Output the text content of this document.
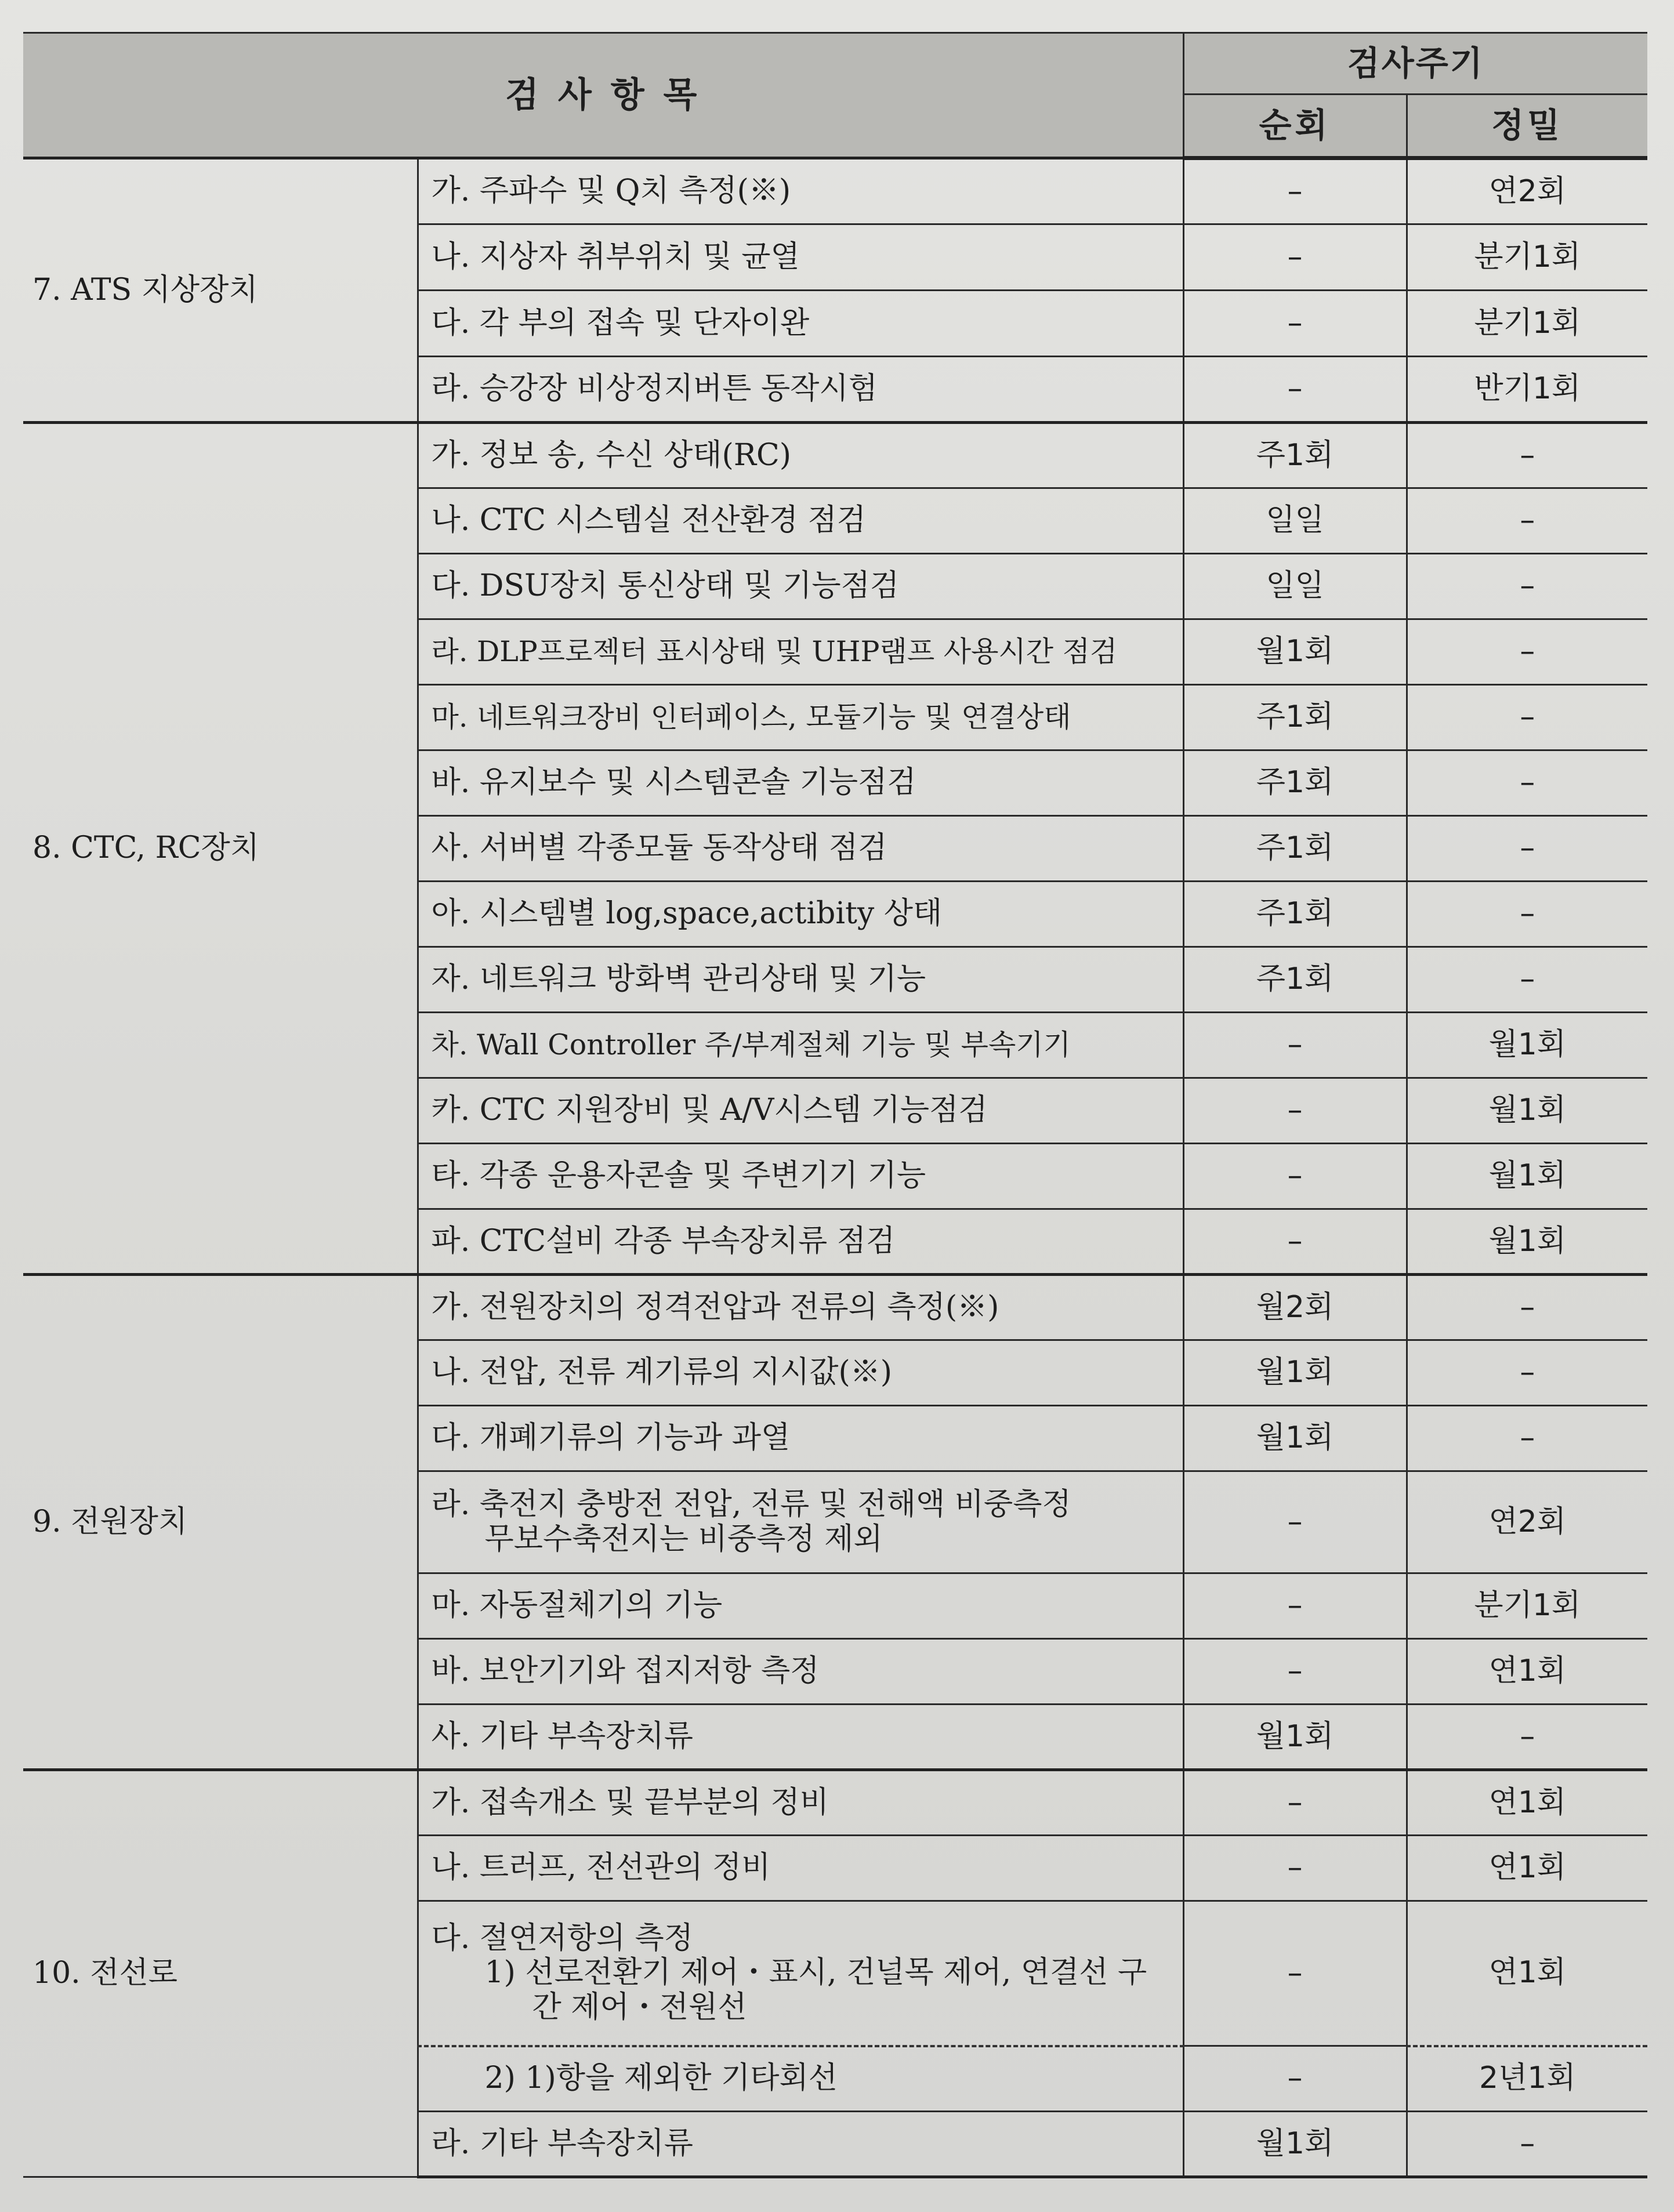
검 사 항 목		검사주기	
		순회	정밀
7. ATS 지상장치	가. 주파수 및 Q치 측정(※)	–	연2회
	나. 지상자 취부위치 및 균열	–	분기1회
	다. 각 부의 접속 및 단자이완	–	분기1회
	라. 승강장 비상정지버튼 동작시험	–	반기1회
8. CTC, RC장치	가. 정보 송, 수신 상태(RC)	주1회	–
	나. CTC 시스템실 전산환경 점검	일일	–
	다. DSU장치 통신상태 및 기능점검	일일	–
	라. DLP프로젝터 표시상태 및 UHP램프 사용시간 점검	월1회	–
	마. 네트워크장비 인터페이스, 모듈기능 및 연결상태	주1회	–
	바. 유지보수 및 시스템콘솔 기능점검	주1회	–
	사. 서버별 각종모듈 동작상태 점검	주1회	–
	아. 시스템별 log,space,actibity 상태	주1회	–
	자. 네트워크 방화벽 관리상태 및 기능	주1회	–
	차. Wall Controller 주/부계절체 기능 및 부속기기	–	월1회
	카. CTC 지원장비 및 A/V시스템 기능점검	–	월1회
	타. 각종 운용자콘솔 및 주변기기 기능	–	월1회
	파. CTC설비 각종 부속장치류 점검	–	월1회
9. 전원장치	가. 전원장치의 정격전압과 전류의 측정(※)	월2회	–
	나. 전압, 전류 계기류의 지시값(※)	월1회	–
	다. 개폐기류의 기능과 과열	월1회	–

	라. 축전지 충방전 전압, 전류 및 전해액 비중측정
무보수축전지는 비중측정 제외	–	연2회
	마. 자동절체기의 기능	–	분기1회
	바. 보안기기와 접지저항 측정	–	연1회
	사. 기타 부속장치류	월1회	–
10. 전선로	가. 접속개소 및 끝부분의 정비	–	연1회
	나. 트러프, 전선관의 정비	–	연1회

	다. 절연저항의 측정
1) 선로전환기 제어・표시, 건널목 제어, 연결선 구간 제어・전원선	–	연1회

	2) 1)항을 제외한 기타회선	–	2년1회
	라. 기타 부속장치류	월1회	–
